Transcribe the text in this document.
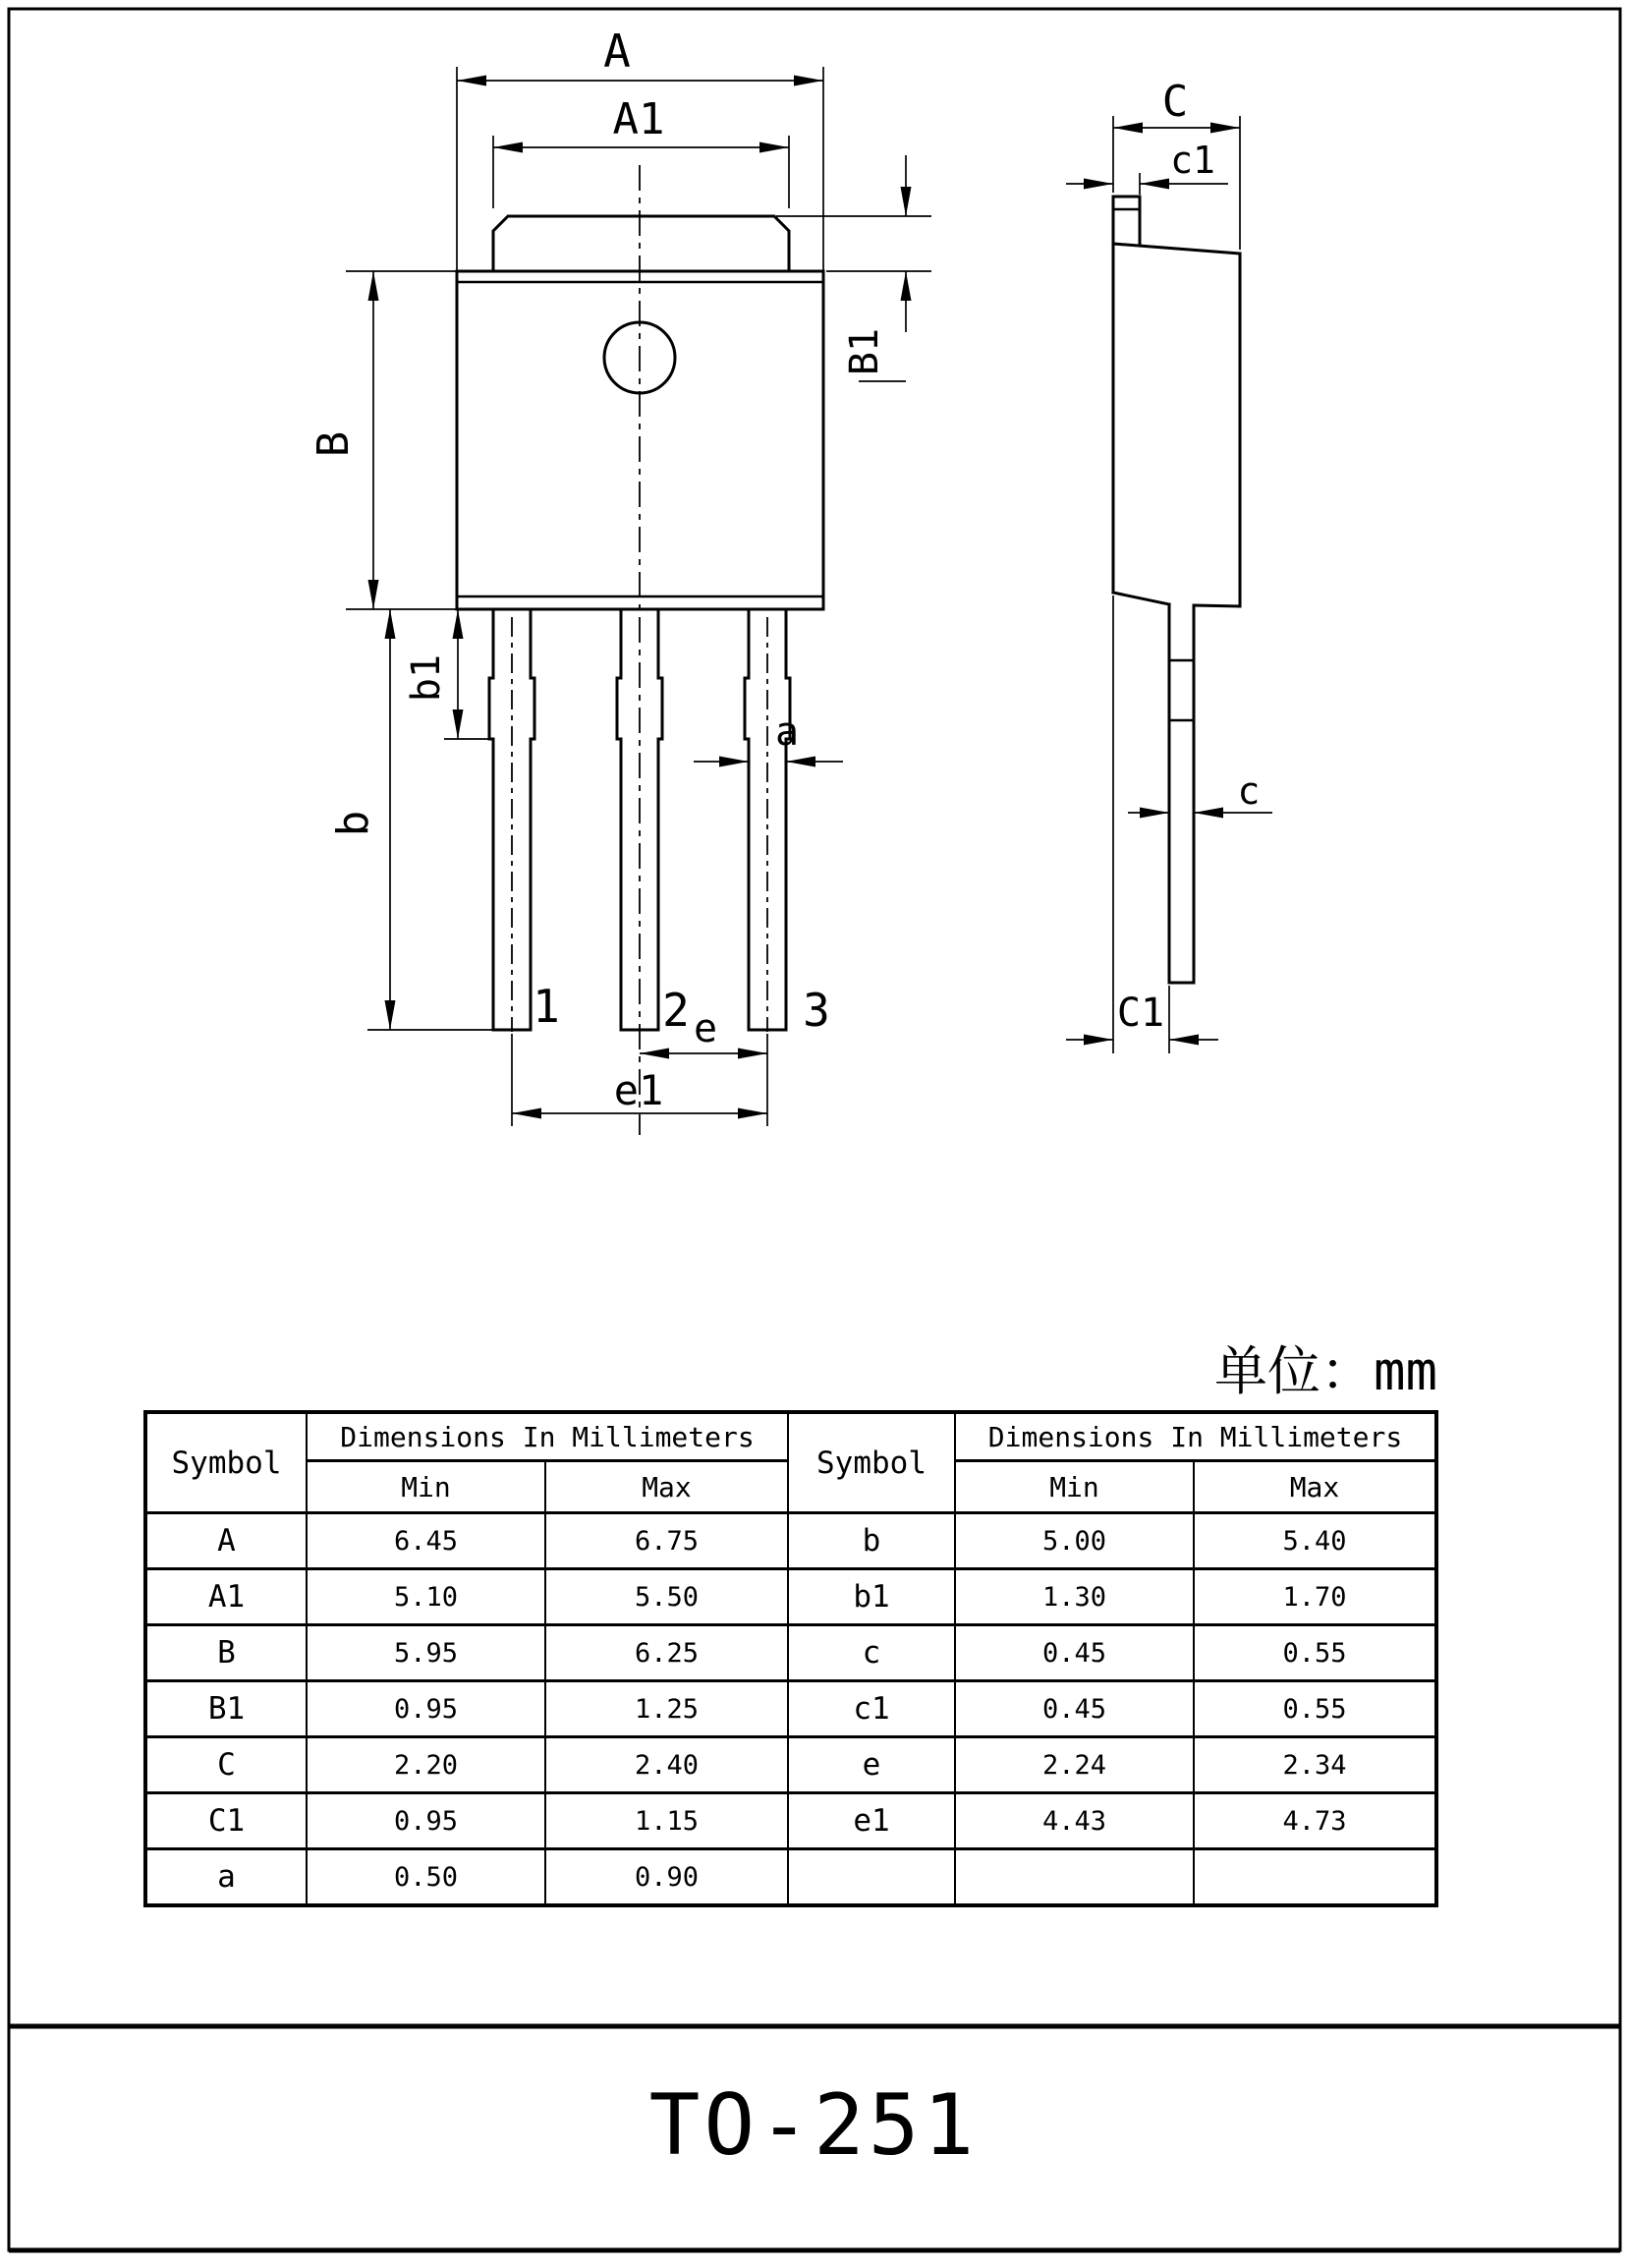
A
A1
B1
B
b1
b
a
1 2	3
e
e1
C
c1
c
C1
单位：mm
TO-251
Symbol	Dimensions In Millimeters		Symbol	Dimensions In Millimeters	
	Min	Max		Min	Max
A	6.45	6.75	b	5.00	5.40
A1	5.10	5.50	b1	1.30	1.70
B	5.95	6.25	c	0.45	0.55
B1	0.95	1.25	c1	0.45	0.55
C	2.20	2.40	e	2.24	2.34
C1	0.95	1.15	e1	4.43	4.73
a	0.50	0.90			
